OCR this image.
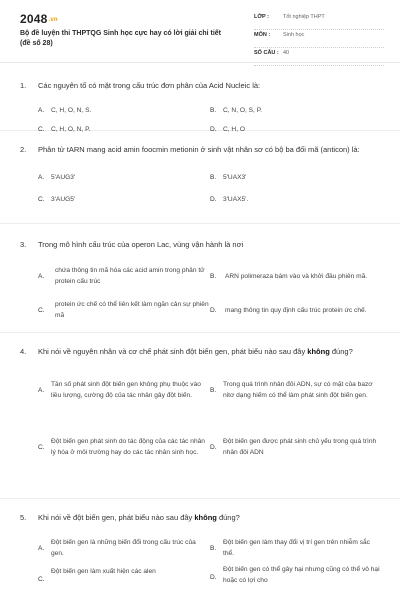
2048.vn
Bộ đề luyện thi THPTQG Sinh học cực hay có lời giải chi tiết (đề số 28)
LỚP :	Tốt nghiệp THPT
MÔN :	Sinh học
SỐ CÂU : 40
1. Các nguyên tố có mặt trong cấu trúc đơn phân của Acid Nucleic là:
A.	C, H, O, N, S.	B.	C, N, O, S, P.
C. C, H, O, N, P.	D. C, H, O
2. Phân tử tARN mang acid amin foocmin metionin ở sinh vật nhân sơ có bộ ba đối mã (anticon) là:
A.	5'AUG3'	B.	5'UAX3'
C. 3'AUG5'	D. 3'UAX5'.
3. Trong mô hình cấu trúc của operon Lac, vùng vận hành là nơi
A.
chứa thông tin mã hóa các acid amin trong phân tử protein cấu trúc
B.	ARN polimeraza bám vào và khởi đầu phiên mã.
C.
protein ức chế có thể liên kết làm ngăn cản sự phiên mã
D.	mang thông tin quy định cấu trúc protein ức chế.
4. Khi nói về nguyên nhân và cơ chế phát sinh đột biến gen, phát biểu nào sau đây không đúng?
A.
Tần số phát sinh đột biến gen không phụ thuộc vào liều lượng, cường độ của tác nhân gây đột biến.
B.
Trong quá trình nhân đôi ADN, sự có mặt của bazơ nitơ dạng hiếm có thể làm phát sinh đột biến gen.
C.
Đột biến gen phát sinh do tác động của các tác nhân lý hóa ở môi trường hay do các tác nhân sinh học.
D.
Đột biến gen được phát sinh chủ yếu trong quá trình nhân đôi ADN
5. Khi nói về đột biến gen, phát biểu nào sau đây không đúng?
A.
Đột biến gen là những biến đổi trong cấu trúc của gen.
B.
Đột biến gen làm thay đổi vị trí gen trên nhiễm sắc thể.
C.
Đột biến gen làm xuất hiện các alen
D.
Đột biến gen có thể gây hại nhưng cũng có thể vô hại hoặc có lợi cho
